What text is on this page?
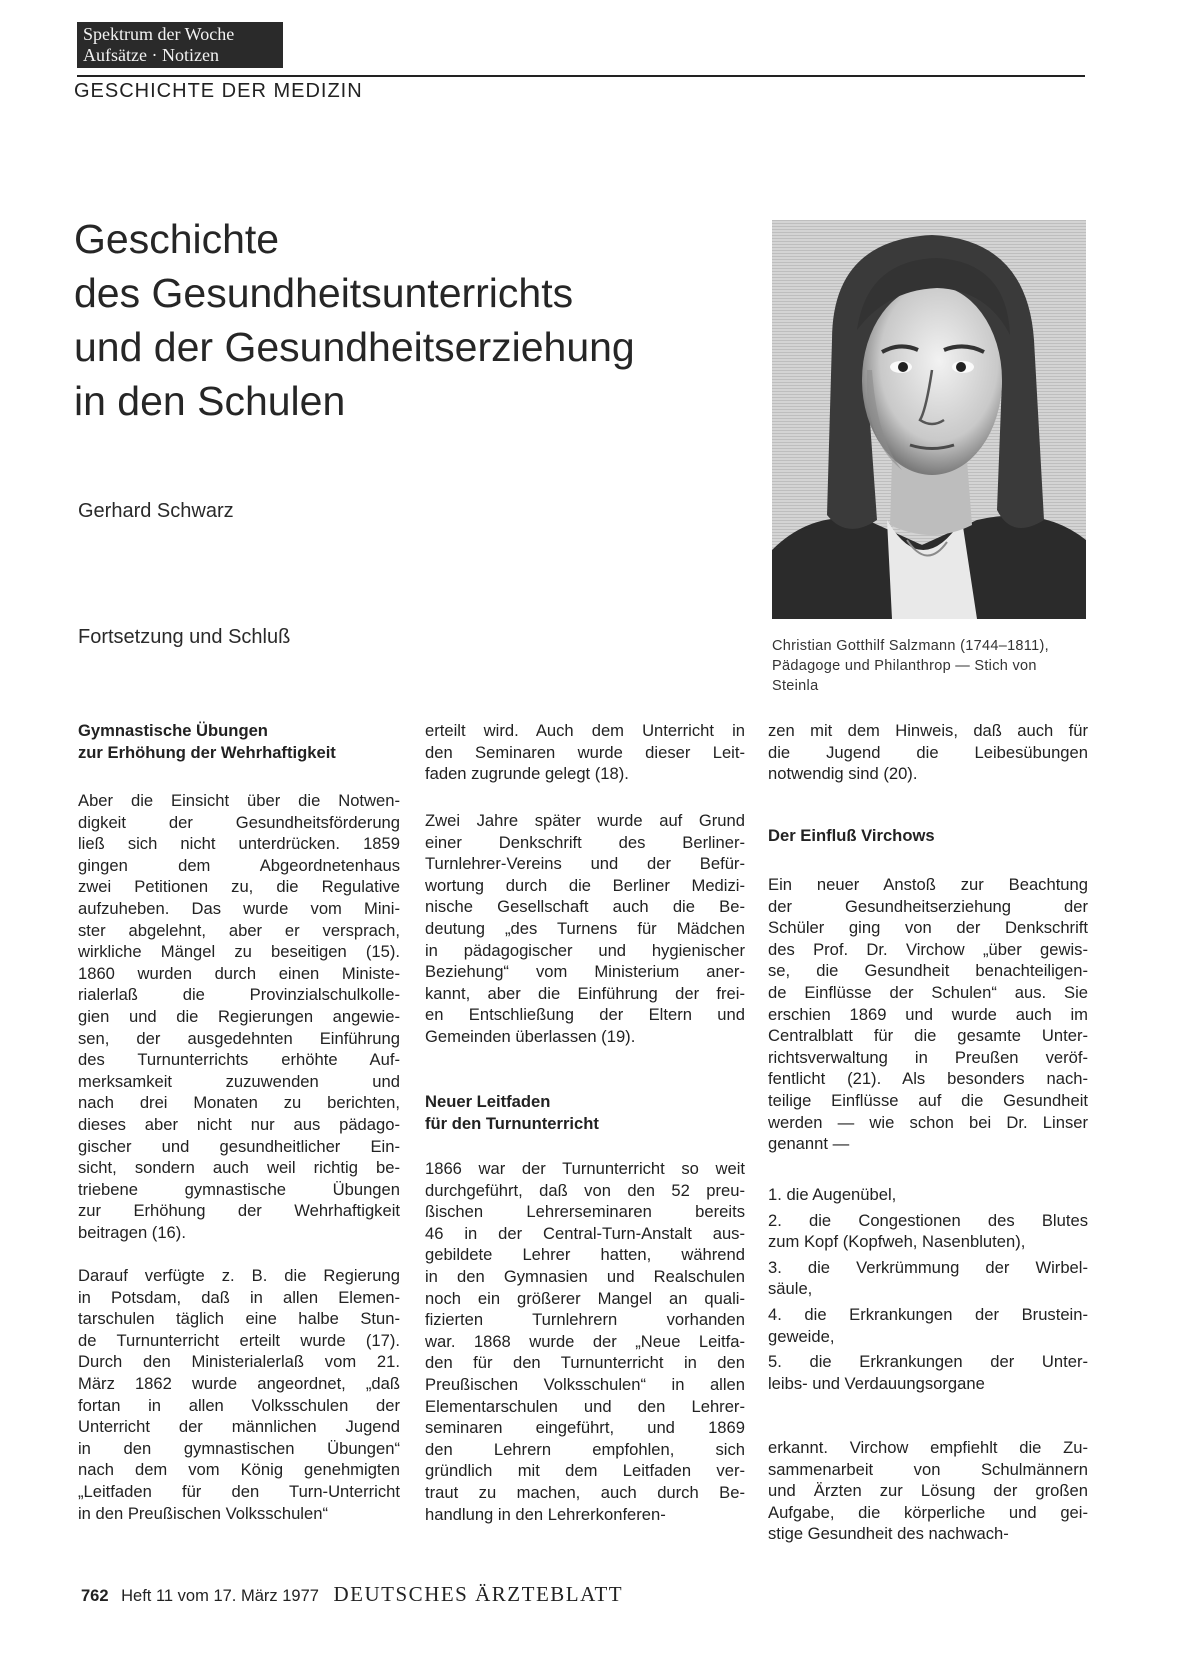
Spektrum der Woche
Aufsätze · Notizen
GESCHICHTE DER MEDIZIN
Geschichte
des Gesundheitsunterrichts
und der Gesundheitserziehung
in den Schulen
Gerhard Schwarz
Fortsetzung und Schluß	Christian Gotthilf Salzmann (1744–1811),
Pädagoge und Philanthrop — Stich von
Steinla
Gymnastische Übungen
zur Erhöhung der Wehrhaftigkeit
Aber die Einsicht über die Notwen-
digkeit der Gesundheitsförderung
ließ sich nicht unterdrücken. 1859
gingen dem Abgeordnetenhaus
zwei Petitionen zu, die Regulative
aufzuheben. Das wurde vom Mini-
ster abgelehnt, aber er versprach,
wirkliche Mängel zu beseitigen (15).
1860 wurden durch einen Ministe-
rialerlaß die Provinzialschulkolle-
gien und die Regierungen angewie-
sen, der ausgedehnten Einführung
des Turnunterrichts erhöhte Auf-
merksamkeit zuzuwenden und
nach drei Monaten zu berichten,
dieses aber nicht nur aus pädago-
gischer und gesundheitlicher Ein-
sicht, sondern auch weil richtig be-
triebene gymnastische Übungen
zur Erhöhung der Wehrhaftigkeit
beitragen (16).
Darauf verfügte z. B. die Regierung
in Potsdam, daß in allen Elemen-
tarschulen täglich eine halbe Stun-
de Turnunterricht erteilt wurde (17).
Durch den Ministerialerlaß vom 21.
März 1862 wurde angeordnet, „daß
fortan in allen Volksschulen der
Unterricht der männlichen Jugend
in den gymnastischen Übungen“
nach dem vom König genehmigten
„Leitfaden für den Turn-Unterricht
in den Preußischen Volksschulen“
erteilt wird. Auch dem Unterricht in
den Seminaren wurde dieser Leit-
faden zugrunde gelegt (18).
Zwei Jahre später wurde auf Grund
einer Denkschrift des Berliner-
Turnlehrer-Vereins und der Befür-
wortung durch die Berliner Medizi-
nische Gesellschaft auch die Be-
deutung „des Turnens für Mädchen
in pädagogischer und hygienischer
Beziehung“ vom Ministerium aner-
kannt, aber die Einführung der frei-
en Entschließung der Eltern und
Gemeinden überlassen (19).
Neuer Leitfaden
für den Turnunterricht
1866 war der Turnunterricht so weit
durchgeführt, daß von den 52 preu-
ßischen Lehrerseminaren bereits
46 in der Central-Turn-Anstalt aus-
gebildete Lehrer hatten, während
in den Gymnasien und Realschulen
noch ein größerer Mangel an quali-
fizierten Turnlehrern vorhanden
war. 1868 wurde der „Neue Leitfa-
den für den Turnunterricht in den
Preußischen Volksschulen“ in allen
Elementarschulen und den Lehrer-
seminaren eingeführt, und 1869
den Lehrern empfohlen, sich
gründlich mit dem Leitfaden ver-
traut zu machen, auch durch Be-
handlung in den Lehrerkonferen-
zen mit dem Hinweis, daß auch für
die Jugend die Leibesübungen
notwendig sind (20).
Der Einfluß Virchows
Ein neuer Anstoß zur Beachtung
der Gesundheitserziehung der
Schüler ging von der Denkschrift
des Prof. Dr. Virchow „über gewis-
se, die Gesundheit benachteiligen-
de Einflüsse der Schulen“ aus. Sie
erschien 1869 und wurde auch im
Centralblatt für die gesamte Unter-
richtsverwaltung in Preußen veröf-
fentlicht (21). Als besonders nach-
teilige Einflüsse auf die Gesundheit
werden — wie schon bei Dr. Linser
genannt —
1. die Augenübel,
2. die Congestionen des Blutes
zum Kopf (Kopfweh, Nasenbluten),
3. die Verkrümmung der Wirbel-
säule,
4. die Erkrankungen der Brustein-
geweide,
5. die Erkrankungen der Unter-
leibs- und Verdauungsorgane
erkannt. Virchow empfiehlt die Zu-
sammenarbeit von Schulmännern
und Ärzten zur Lösung der großen
Aufgabe, die körperliche und gei-
stige Gesundheit des nachwach-
762 Heft 11 vom 17. März 1977 DEUTSCHES ÄRZTEBLATT
